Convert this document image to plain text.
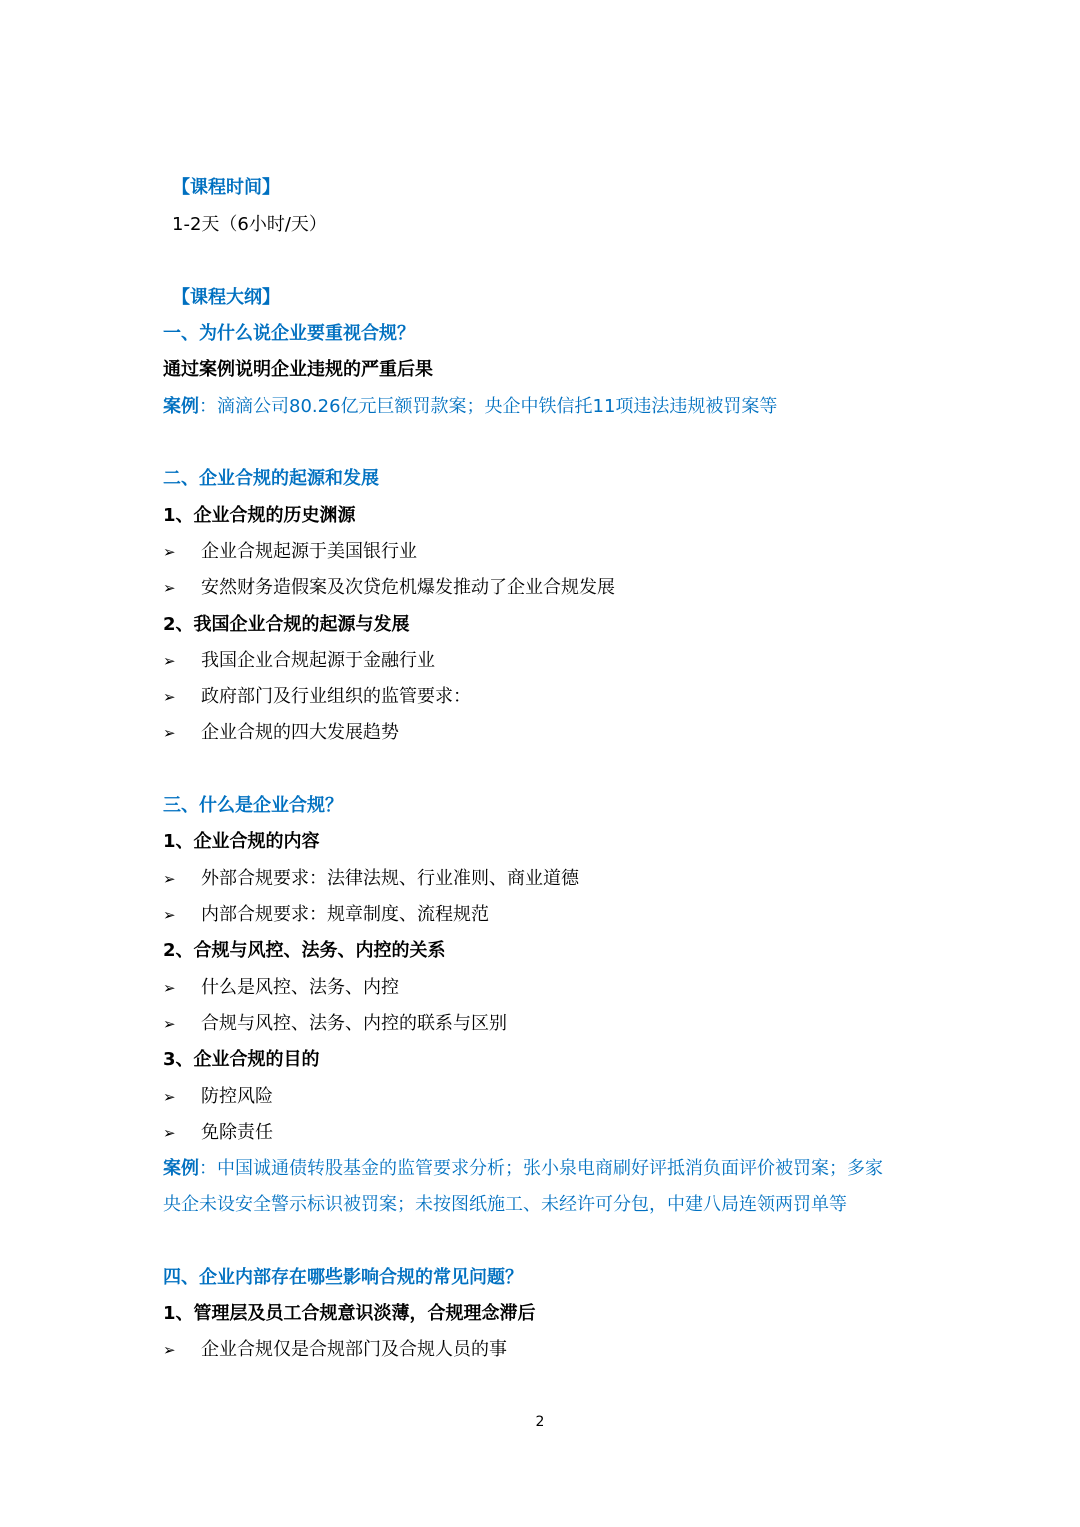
【课程时间】
1-2天（6小时/天）
【课程大纲】
一、为什么说企业要重视合规？
通过案例说明企业违规的严重后果
案例：滴滴公司80.26亿元巨额罚款案；央企中铁信托11项违法违规被罚案等
二、企业合规的起源和发展
1、企业合规的历史渊源
➢ 企业合规起源于美国银行业
➢ 安然财务造假案及次贷危机爆发推动了企业合规发展
2、我国企业合规的起源与发展
➢ 我国企业合规起源于金融行业
➢ 政府部门及行业组织的监管要求：
➢ 企业合规的四大发展趋势
三、什么是企业合规？
1、企业合规的内容
➢ 外部合规要求：法律法规、行业准则、商业道德
➢ 内部合规要求：规章制度、流程规范
2、合规与风控、法务、内控的关系
➢ 什么是风控、法务、内控
➢ 合规与风控、法务、内控的联系与区别
3、企业合规的目的
➢ 防控风险
➢ 免除责任
案例：中国诚通债转股基金的监管要求分析；张小泉电商刷好评抵消负面评价被罚案；多家
央企未设安全警示标识被罚案；未按图纸施工、未经许可分包，中建八局连领两罚单等
四、企业内部存在哪些影响合规的常见问题？
1、管理层及员工合规意识淡薄，合规理念滞后
➢ 企业合规仅是合规部门及合规人员的事
2
